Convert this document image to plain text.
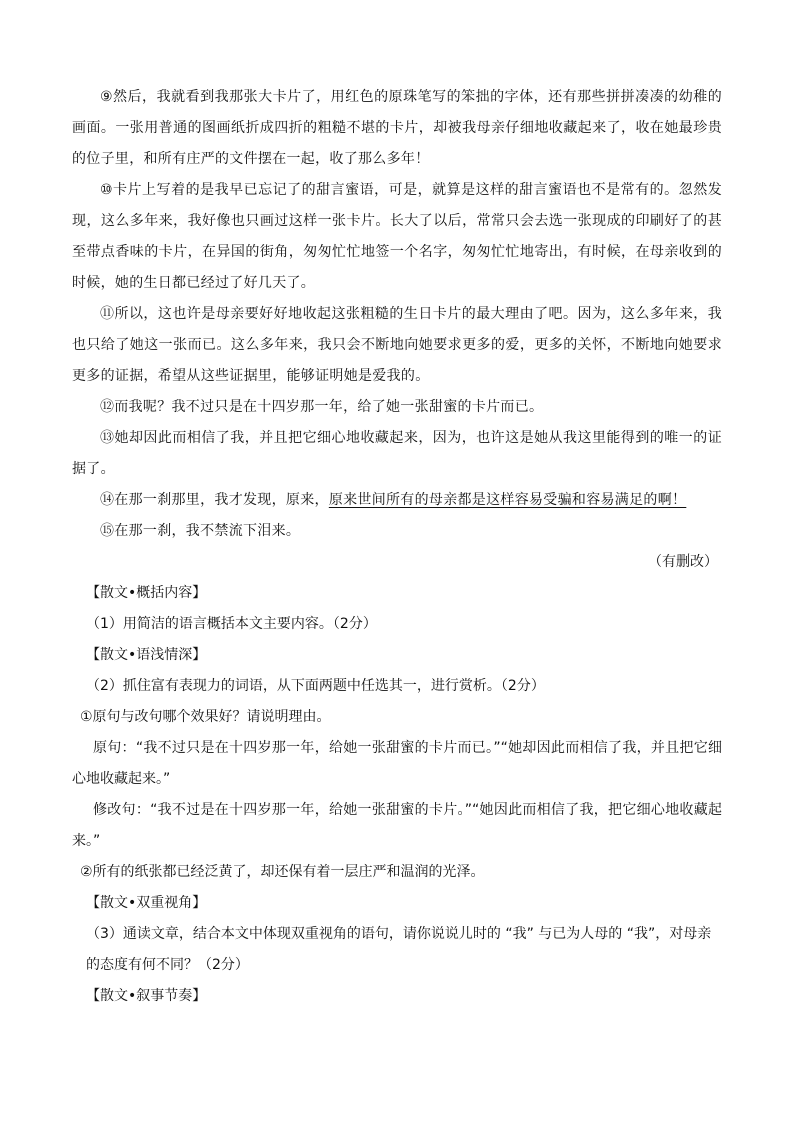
⑨然后，我就看到我那张大卡片了，用红色的原珠笔写的笨拙的字体，还有那些拼拼凑凑的幼稚的画面。一张用普通的图画纸折成四折的粗糙不堪的卡片，却被我母亲仔细地收藏起来了，收在她最珍贵的位子里，和所有庄严的文件摆在一起，收了那么多年！

⑩卡片上写着的是我早已忘记了的甜言蜜语，可是，就算是这样的甜言蜜语也不是常有的。忽然发现，这么多年来，我好像也只画过这样一张卡片。长大了以后，常常只会去选一张现成的印刷好了的甚至带点香味的卡片，在异国的街角，匆匆忙忙地签一个名字，匆匆忙忙地寄出，有时候，在母亲收到的时候，她的生日都已经过了好几天了。

⑪所以，这也许是母亲要好好地收起这张粗糙的生日卡片的最大理由了吧。因为，这么多年来，我也只给了她这一张而已。这么多年来，我只会不断地向她要求更多的爱，更多的关怀，不断地向她要求更多的证据，希望从这些证据里，能够证明她是爱我的。

⑫而我呢？我不过只是在十四岁那一年，给了她一张甜蜜的卡片而已。

⑬她却因此而相信了我，并且把它细心地收藏起来，因为，也许这是她从我这里能得到的唯一的证据了。

⑭在那一刹那里，我才发现，原来，原来世间所有的母亲都是这样容易受骗和容易满足的啊！

⑮在那一刹，我不禁流下泪来。

（有删改）

【散文•概括内容】

（1）用简洁的语言概括本文主要内容。（2分）

【散文•语浅情深】

（2）抓住富有表现力的词语，从下面两题中任选其一，进行赏析。（2分）

①原句与改句哪个效果好？请说明理由。

原句：“我不过只是在十四岁那一年，给她一张甜蜜的卡片而已。”“她却因此而相信了我，并且把它细心地收藏起来。”

修改句：“我不过是在十四岁那一年，给她一张甜蜜的卡片。”“她因此而相信了我，把它细心地收藏起来。”

②所有的纸张都已经泛黄了，却还保有着一层庄严和温润的光泽。

【散文•双重视角】

（3）通读文章，结合本文中体现双重视角的语句，请你说说儿时的 “我” 与已为人母的 “我”，对母亲的态度有何不同？（2分）

【散文•叙事节奏】
